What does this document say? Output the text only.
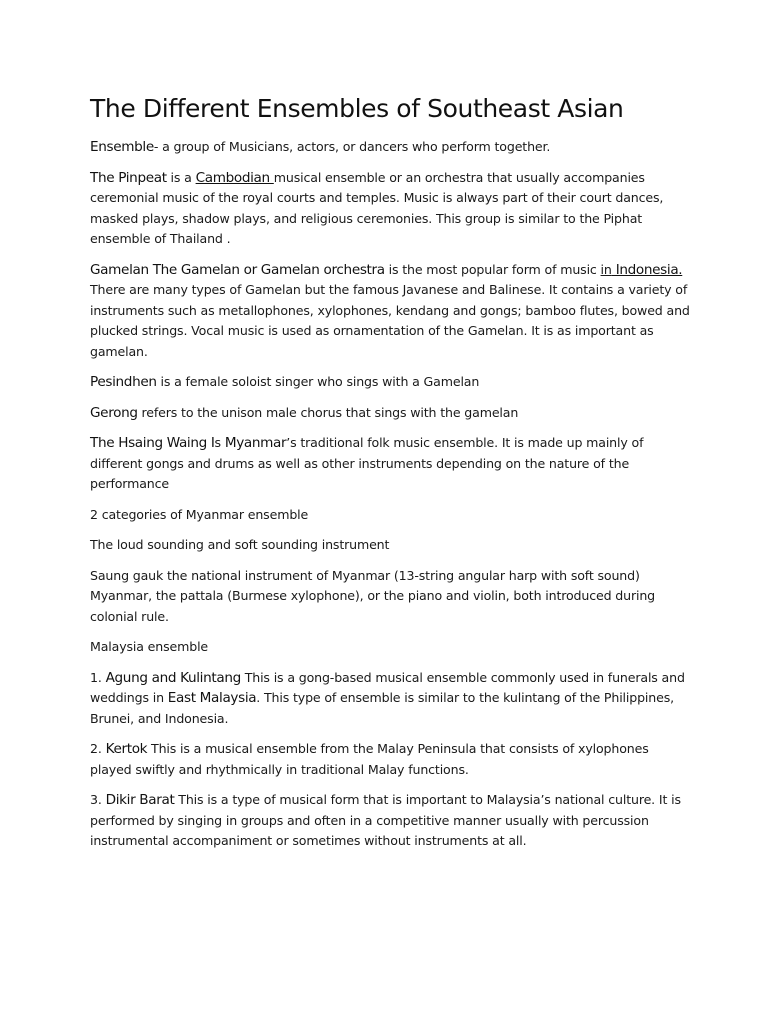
The Different Ensembles of Southeast Asian

Ensemble- a group of Musicians, actors, or dancers who perform together.

The Pinpeat is a Cambodian musical ensemble or an orchestra that usually accompanies ceremonial music of the royal courts and temples. Music is always part of their court dances, masked plays, shadow plays, and religious ceremonies. This group is similar to the Piphat ensemble of Thailand .

Gamelan The Gamelan or Gamelan orchestra is the most popular form of music in Indonesia. There are many types of Gamelan but the famous Javanese and Balinese. It contains a variety of instruments such as metallophones, xylophones, kendang and gongs; bamboo flutes, bowed and plucked strings. Vocal music is used as ornamentation of the Gamelan. It is as important as gamelan.

Pesindhen is a female soloist singer who sings with a Gamelan

Gerong refers to the unison male chorus that sings with the gamelan

The Hsaing Waing Is Myanmar’s traditional folk music ensemble. It is made up mainly of different gongs and drums as well as other instruments depending on the nature of the performance

2 categories of Myanmar ensemble

The loud sounding and soft sounding instrument

Saung gauk the national instrument of Myanmar (13-string angular harp with soft sound) Myanmar, the pattala (Burmese xylophone), or the piano and violin, both introduced during colonial rule.

Malaysia ensemble

1. Agung and Kulintang This is a gong-based musical ensemble commonly used in funerals and weddings in East Malaysia. This type of ensemble is similar to the kulintang of the Philippines, Brunei, and Indonesia.

2. Kertok This is a musical ensemble from the Malay Peninsula that consists of xylophones played swiftly and rhythmically in traditional Malay functions.

3. Dikir Barat This is a type of musical form that is important to Malaysia’s national culture. It is performed by singing in groups and often in a competitive manner usually with percussion instrumental accompaniment or sometimes without instruments at all.
